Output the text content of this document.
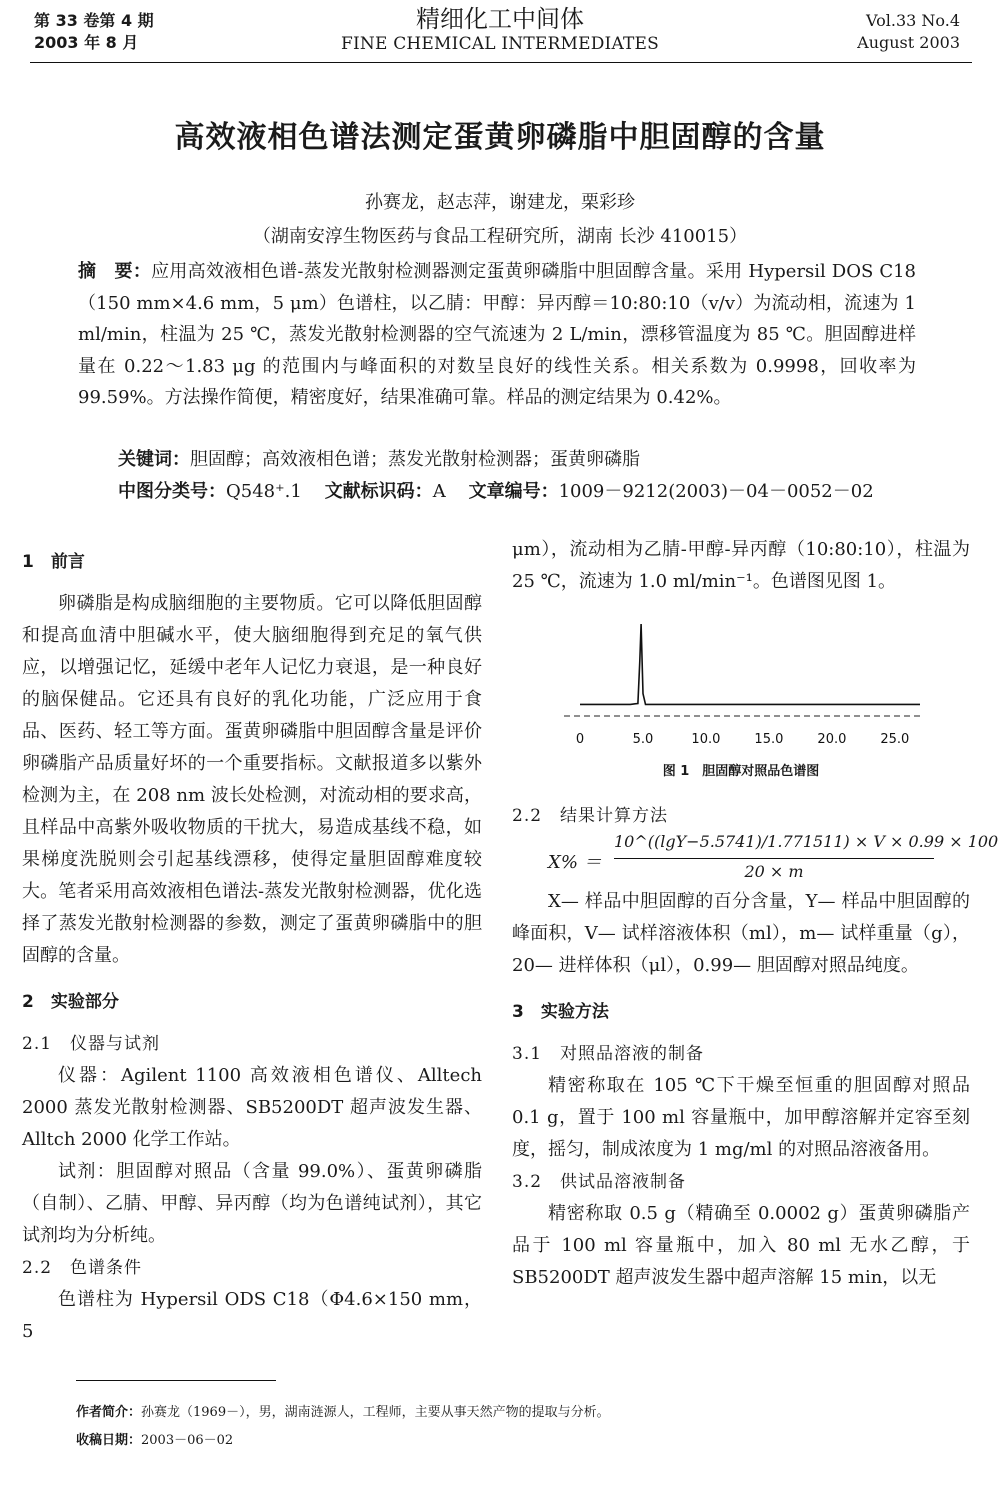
第 33 卷第 4 期
2003 年 8 月
精细化工中间体
FINE CHEMICAL INTERMEDIATES
Vol.33 No.4
August 2003
高效液相色谱法测定蛋黄卵磷脂中胆固醇的含量
孙赛龙，赵志萍，谢建龙，栗彩珍
（湖南安淳生物医药与食品工程研究所，湖南 长沙 410015）
摘　要：应用高效液相色谱-蒸发光散射检测器测定蛋黄卵磷脂中胆固醇含量。采用 Hypersil DOS C18（150 mm×4.6 mm，5 μm）色谱柱，以乙腈：甲醇：异丙醇＝10:80:10（v/v）为流动相，流速为 1 ml/min，柱温为 25 ℃，蒸发光散射检测器的空气流速为 2 L/min，漂移管温度为 85 ℃。胆固醇进样量在 0.22～1.83 μg 的范围内与峰面积的对数呈良好的线性关系。相关系数为 0.9998，回收率为 99.59%。方法操作简便，精密度好，结果准确可靠。样品的测定结果为 0.42%。
关键词：胆固醇；高效液相色谱；蒸发光散射检测器；蛋黄卵磷脂
中图分类号：Q548⁺.1 文献标识码：A 文章编号：1009－9212(2003)－04－0052－02
1　前言
卵磷脂是构成脑细胞的主要物质。它可以降低胆固醇和提高血清中胆碱水平，使大脑细胞得到充足的氧气供应，以增强记忆，延缓中老年人记忆力衰退，是一种良好的脑保健品。它还具有良好的乳化功能，广泛应用于食品、医药、轻工等方面。蛋黄卵磷脂中胆固醇含量是评价卵磷脂产品质量好坏的一个重要指标。文献报道多以紫外检测为主，在 208 nm 波长处检测，对流动相的要求高，且样品中高紫外吸收物质的干扰大，易造成基线不稳，如果梯度洗脱则会引起基线漂移，使得定量胆固醇难度较大。笔者采用高效液相色谱法-蒸发光散射检测器，优化选择了蒸发光散射检测器的参数，测定了蛋黄卵磷脂中的胆固醇的含量。
2　实验部分
2.1　仪器与试剂
仪器：Agilent 1100 高效液相色谱仪、Alltech 2000 蒸发光散射检测器、SB5200DT 超声波发生器、Alltch 2000 化学工作站。
试剂：胆固醇对照品（含量 99.0%）、蛋黄卵磷脂（自制）、乙腈、甲醇、异丙醇（均为色谱纯试剂），其它试剂均为分析纯。
2.2　色谱条件
色谱柱为 Hypersil ODS C18（Φ4.6×150 mm，5
μm），流动相为乙腈-甲醇-异丙醇（10:80:10），柱温为 25 ℃，流速为 1.0 ml/min⁻¹。色谱图见图 1。
0	5.0	10.0	15.0	20.0	25.0
图 1　胆固醇对照品色谱图
2.2　结果计算方法
X% ＝
10^((lgY−5.5741)/1.771511) × V × 0.99 × 100
20 × m
X— 样品中胆固醇的百分含量，Y— 样品中胆固醇的峰面积，V— 试样溶液体积（ml），m— 试样重量（g），20— 进样体积（μl），0.99— 胆固醇对照品纯度。
3　实验方法
3.1　对照品溶液的制备
精密称取在 105 ℃下干燥至恒重的胆固醇对照品 0.1 g，置于 100 ml 容量瓶中，加甲醇溶解并定容至刻度，摇匀，制成浓度为 1 mg/ml 的对照品溶液备用。
3.2　供试品溶液制备
精密称取 0.5 g（精确至 0.0002 g）蛋黄卵磷脂产品于 100 ml 容量瓶中，加入 80 ml 无水乙醇，于 SB5200DT 超声波发生器中超声溶解 15 min，以无
作者简介：孙赛龙（1969－），男，湖南涟源人，工程师，主要从事天然产物的提取与分析。
收稿日期：2003－06－02
